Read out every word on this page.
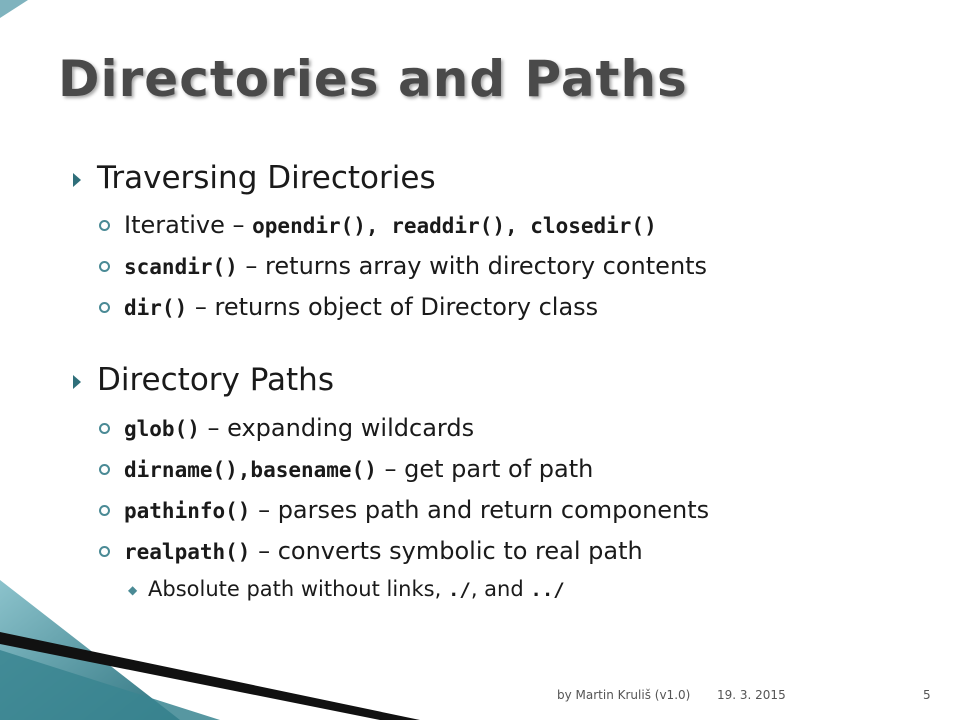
Directories and Paths
Traversing Directories
Iterative – opendir(), readdir(), closedir()
scandir() – returns array with directory contents
dir() – returns object of Directory class
Directory Paths
glob() – expanding wildcards
dirname(),basename() – get part of path
pathinfo() – parses path and return components
realpath() – converts symbolic to real path
◆ Absolute path without links, ./, and ../
by Martin Kruliš (v1.0) 19. 3. 2015	5
